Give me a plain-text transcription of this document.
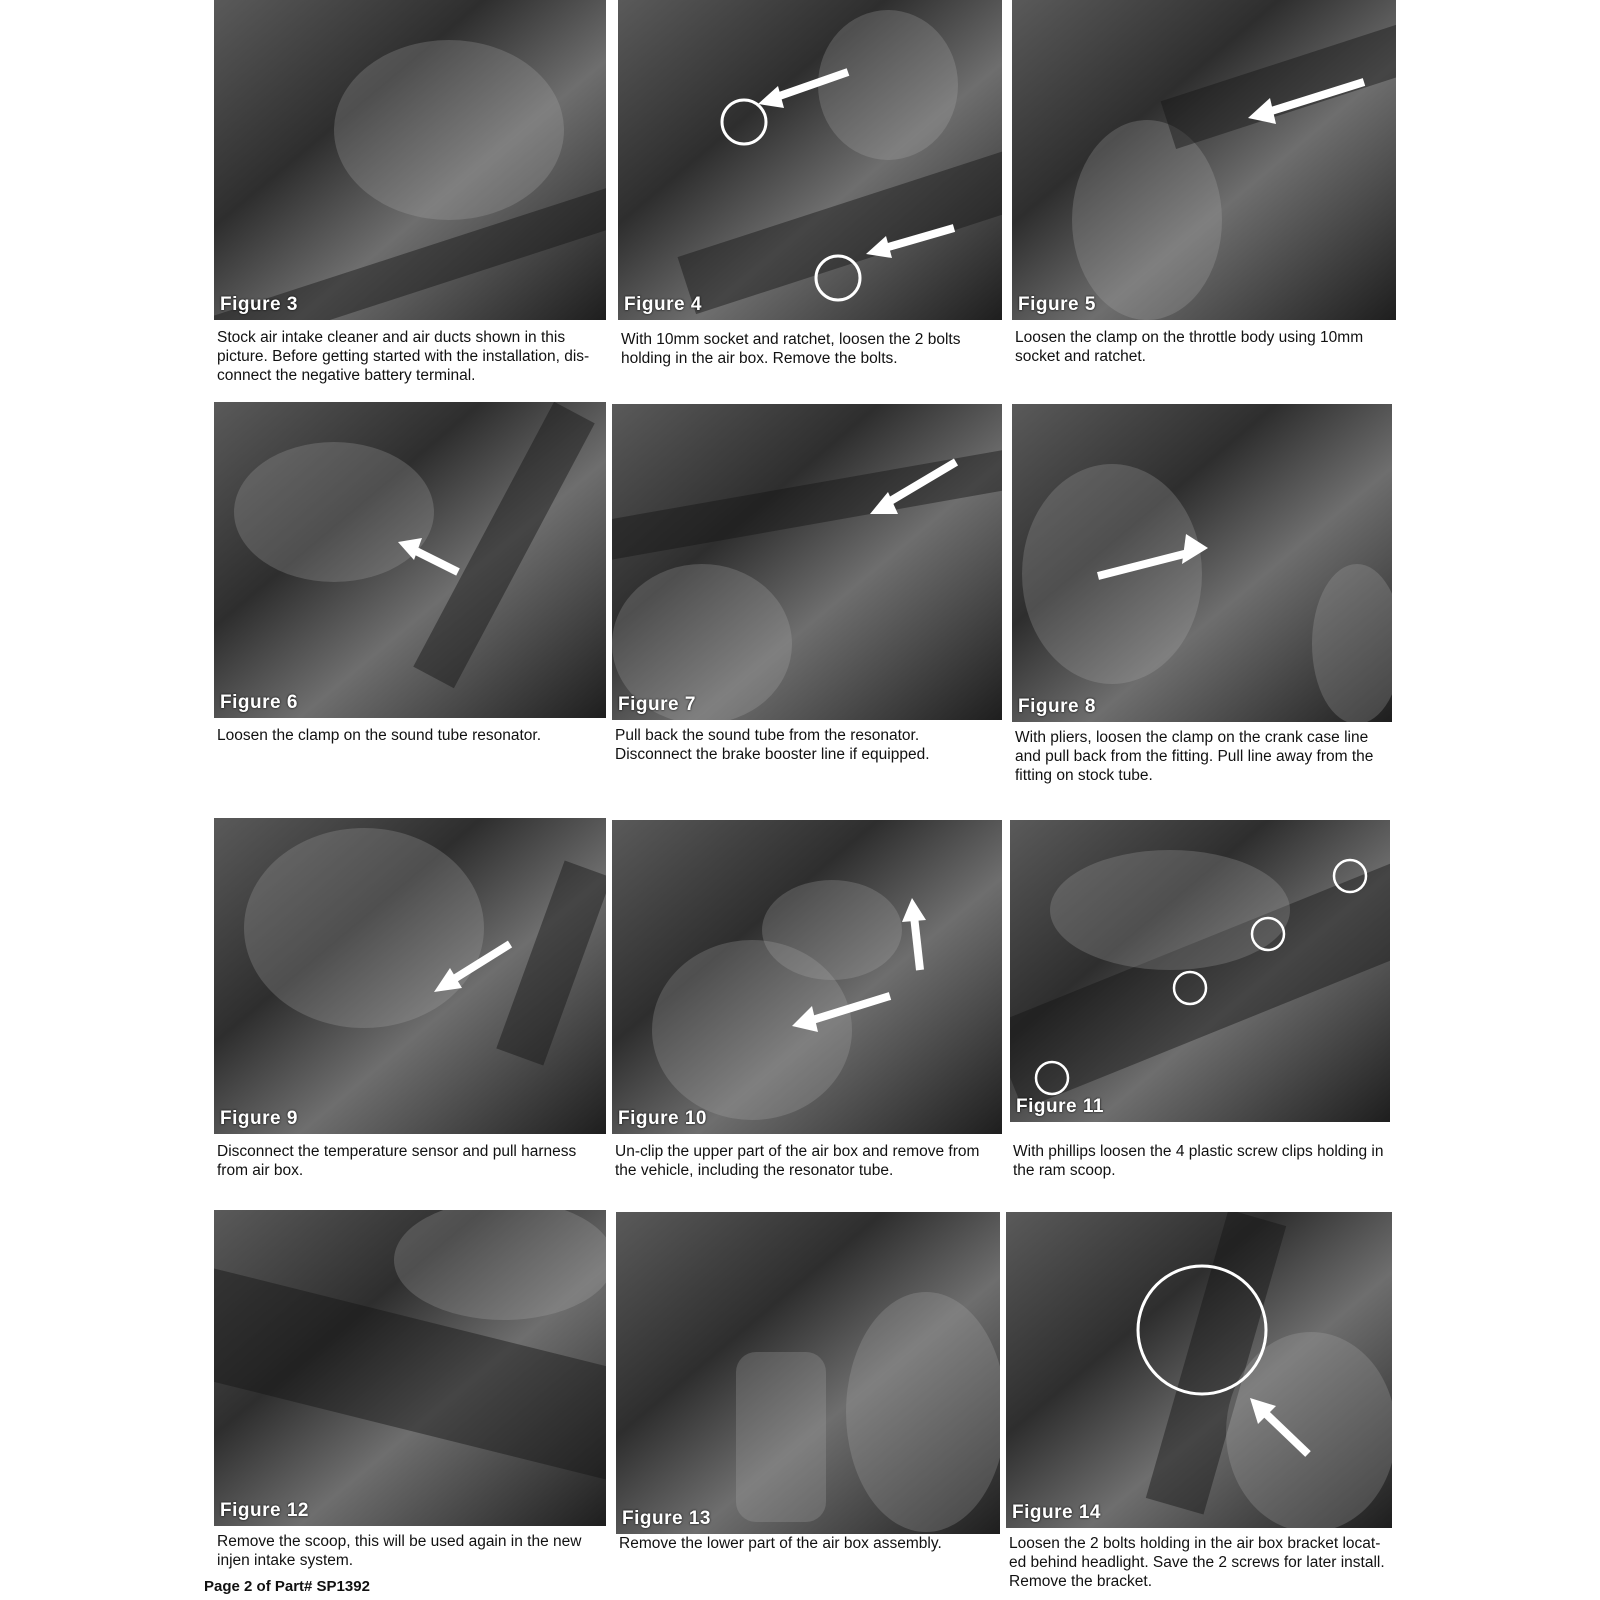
Figure 3

Stock air intake cleaner and air ducts shown in this picture. Before getting started with the installation, dis-connect the negative battery terminal.

Figure 4

With 10mm socket and ratchet, loosen the 2 bolts holding in the air box. Remove the bolts.

Figure 5

Loosen the clamp on the throttle body using 10mm socket and ratchet.

Figure 6

Loosen the clamp on the sound tube resonator.

Figure 7

Pull back the sound tube from the resonator. Disconnect the brake booster line if equipped.

Figure 8

With pliers, loosen the clamp on the crank case line and pull back from the fitting. Pull line away from the fitting on stock tube.

Figure 9

Disconnect the temperature sensor and pull harness from air box.

Figure 10

Un-clip the upper part of the air box and remove from the vehicle, including the resonator tube.

Figure 11

With phillips loosen the 4 plastic screw clips holding in the ram scoop.

Figure 12

Remove the scoop, this will be used again in the new injen intake system.

Figure 13

Remove the lower part of the air box assembly.

Figure 14

Loosen the 2 bolts holding in the air box bracket locat-ed behind headlight. Save the 2 screws for later install. Remove the bracket.

Page 2 of Part# SP1392
